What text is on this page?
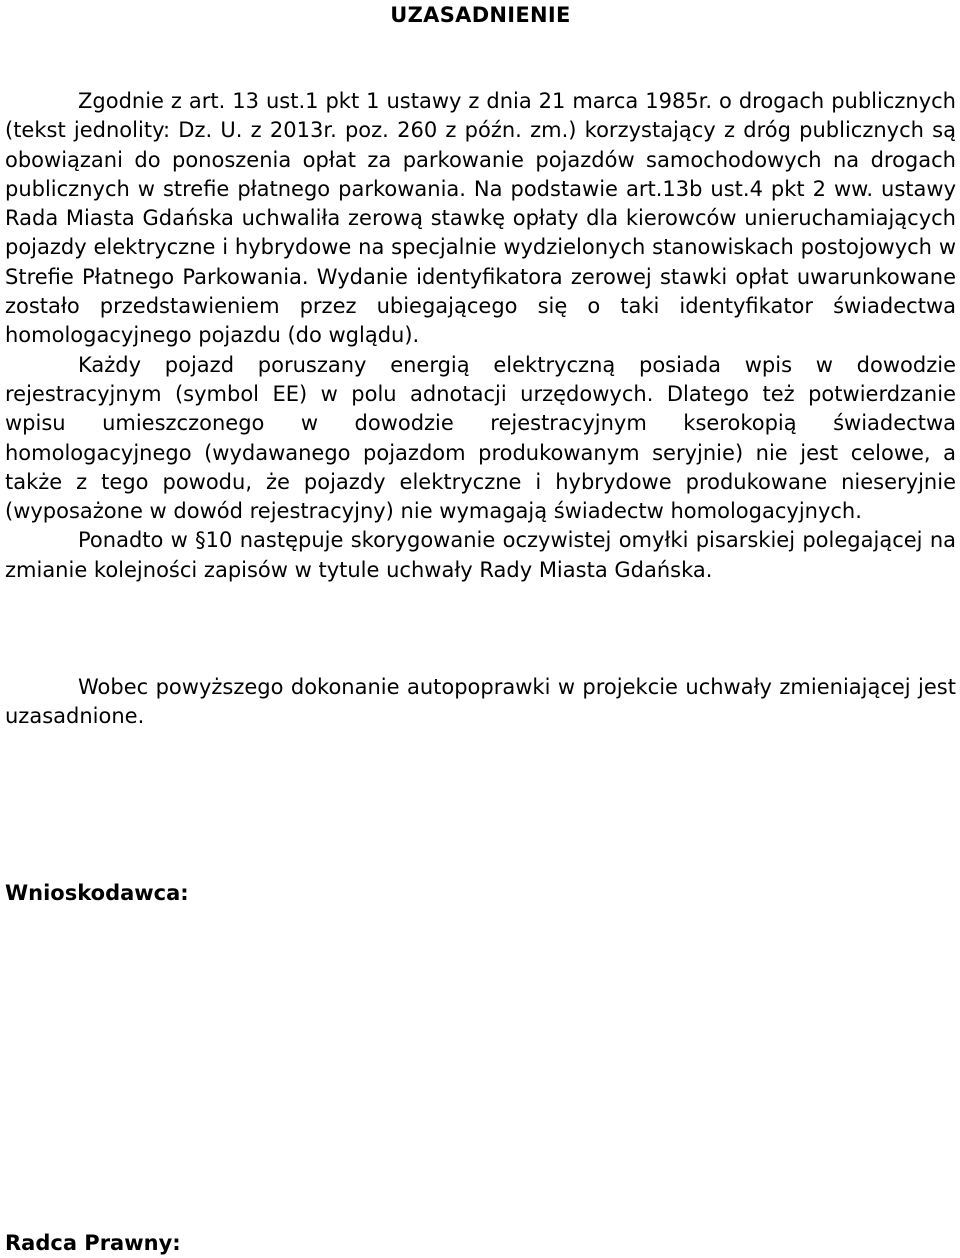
UZASADNIENIE

Zgodnie z art. 13 ust.1 pkt 1 ustawy z dnia 21 marca 1985r. o drogach publicznych (tekst jednolity: Dz. U. z 2013r. poz. 260 z późn. zm.) korzystający z dróg publicznych są obowiązani do ponoszenia opłat za parkowanie pojazdów samochodowych na drogach publicznych w strefie płatnego parkowania. Na podstawie art.13b ust.4 pkt 2 ww. ustawy Rada Miasta Gdańska uchwaliła zerową stawkę opłaty dla kierowców unieruchamiających pojazdy elektryczne i hybrydowe na specjalnie wydzielonych stanowiskach postojowych w Strefie Płatnego Parkowania. Wydanie identyfikatora zerowej stawki opłat uwarunkowane zostało przedstawieniem przez ubiegającego się o taki identyfikator świadectwa homologacyjnego pojazdu (do wglądu).

Każdy pojazd poruszany energią elektryczną posiada wpis w dowodzie rejestracyjnym (symbol EE) w polu adnotacji urzędowych. Dlatego też potwierdzanie wpisu umieszczonego w dowodzie rejestracyjnym kserokopią świadectwa homologacyjnego (wydawanego pojazdom produkowanym seryjnie) nie jest celowe, a także z tego powodu, że pojazdy elektryczne i hybrydowe produkowane nieseryjnie (wyposażone w dowód rejestracyjny) nie wymagają świadectw homologacyjnych.

Ponadto w §10 następuje skorygowanie oczywistej omyłki pisarskiej polegającej na zmianie kolejności zapisów w tytule uchwały Rady Miasta Gdańska.

Wobec powyższego dokonanie autopoprawki w projekcie uchwały zmieniającej jest uzasadnione.

Wnioskodawca:
Radca Prawny:
